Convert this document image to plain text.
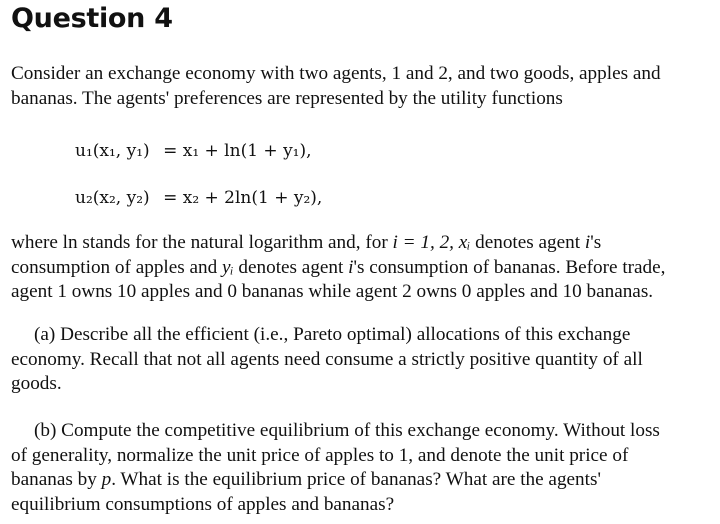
Question 4
Consider an exchange economy with two agents, 1 and 2, and two goods, apples and
bananas. The agents' preferences are represented by the utility functions
u₁(x₁, y₁) = x₁ + ln(1 + y₁),
u₂(x₂, y₂) = x₂ + 2ln(1 + y₂),
where ln stands for the natural logarithm and, for i = 1, 2, xᵢ denotes agent i's
consumption of apples and yᵢ denotes agent i's consumption of bananas. Before trade,
agent 1 owns 10 apples and 0 bananas while agent 2 owns 0 apples and 10 bananas.
(a) Describe all the efficient (i.e., Pareto optimal) allocations of this exchange
economy. Recall that not all agents need consume a strictly positive quantity of all
goods.
(b) Compute the competitive equilibrium of this exchange economy. Without loss
of generality, normalize the unit price of apples to 1, and denote the unit price of
bananas by p. What is the equilibrium price of bananas? What are the agents'
equilibrium consumptions of apples and bananas?
